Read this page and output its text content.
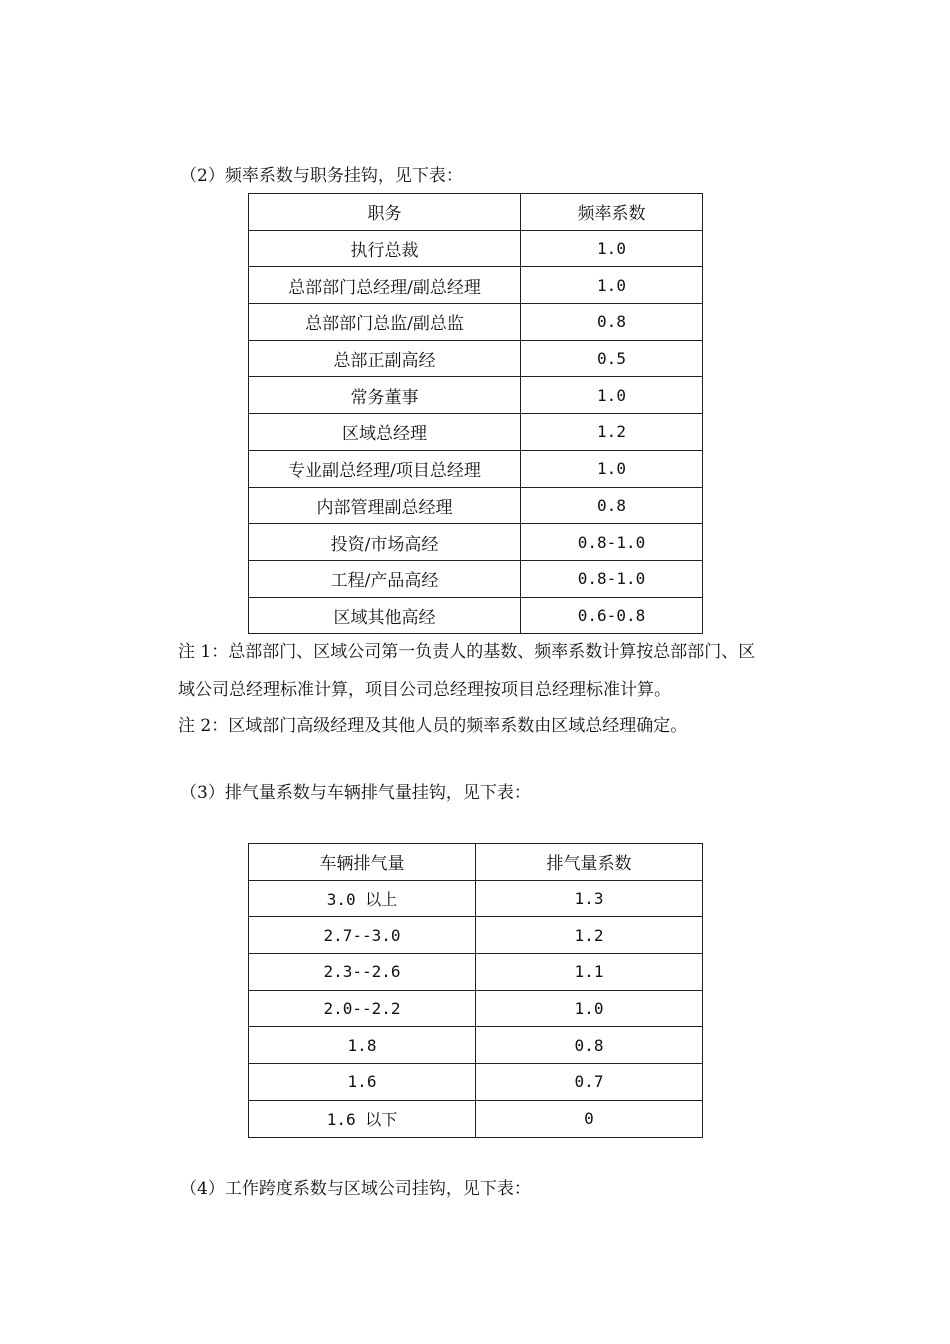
（2）频率系数与职务挂钩，见下表：
职务	频率系数
执行总裁	1.0
总部部门总经理/副总经理	1.0
总部部门总监/副总监	0.8
总部正副高经	0.5
常务董事	1.0
区域总经理	1.2
专业副总经理/项目总经理	1.0
内部管理副总经理	0.8
投资/市场高经	0.8-1.0
工程/产品高经	0.8-1.0
区域其他高经	0.6-0.8
注 1：总部部门、区域公司第一负责人的基数、频率系数计算按总部部门、区
域公司总经理标准计算，项目公司总经理按项目总经理标准计算。
注 2：区域部门高级经理及其他人员的频率系数由区域总经理确定。
（3）排气量系数与车辆排气量挂钩，见下表：
车辆排气量	排气量系数
3.0 以上	1.3
2.7--3.0	1.2
2.3--2.6	1.1
2.0--2.2	1.0
1.8	0.8
1.6	0.7
1.6 以下	0
（4）工作跨度系数与区域公司挂钩，见下表：
